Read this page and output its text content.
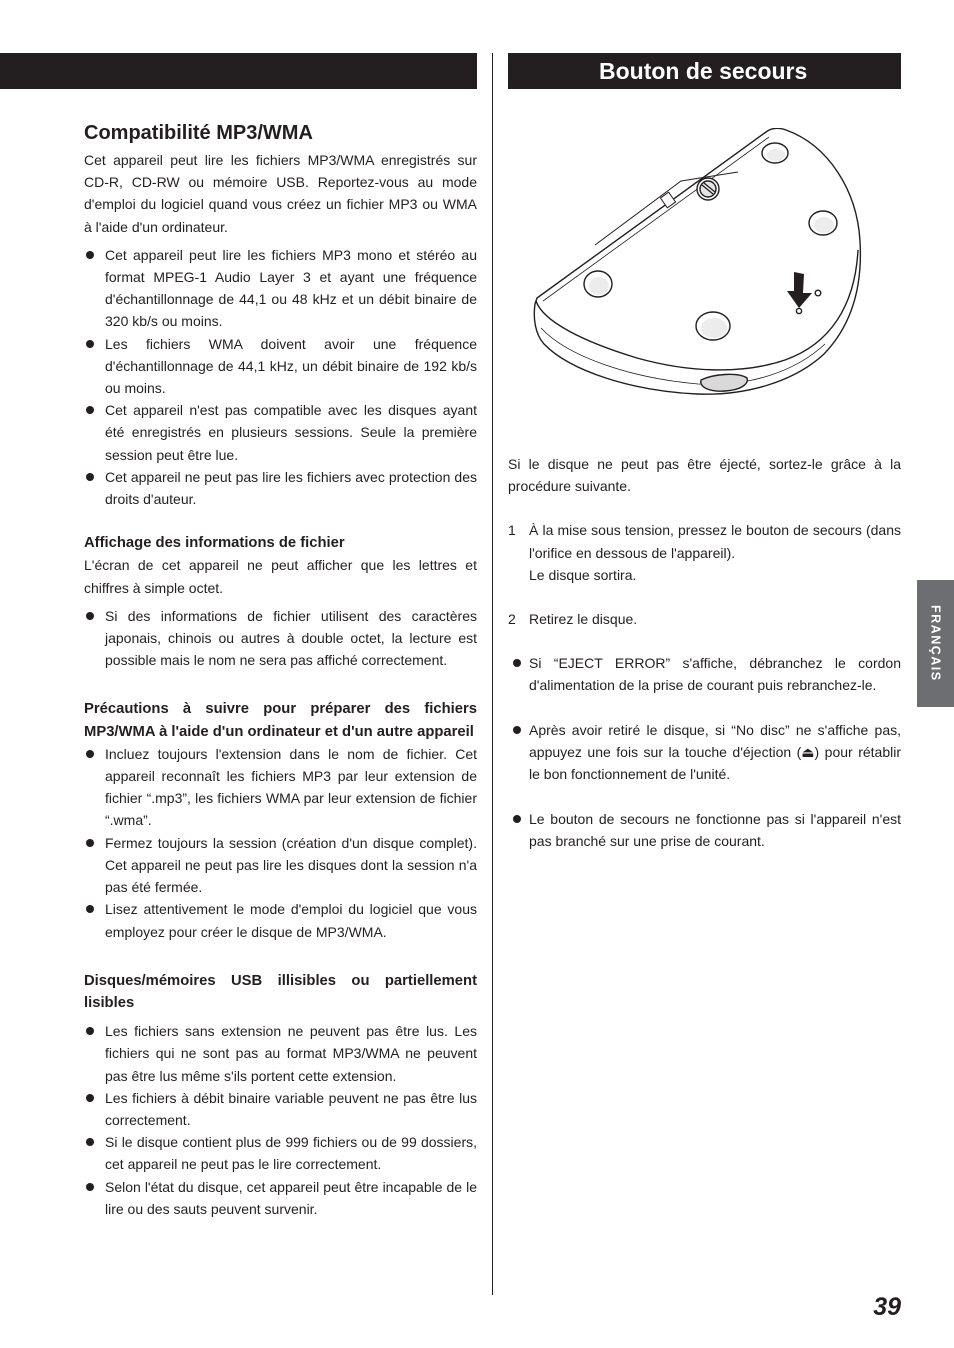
Bouton de secours
Compatibilité MP3/WMA

Cet appareil peut lire les fichiers MP3/WMA enregistrés sur CD-R, CD-RW ou mémoire USB. Reportez-vous au mode d'emploi du logiciel quand vous créez un fichier MP3 ou WMA à l'aide d'un ordinateur.

Cet appareil peut lire les fichiers MP3 mono et stéréo au format MPEG-1 Audio Layer 3 et ayant une fréquence d'échantillonnage de 44,1 ou 48 kHz et un débit binaire de 320 kb/s ou moins.
Les fichiers WMA doivent avoir une fréquence d'échantillonnage de 44,1 kHz, un débit binaire de 192 kb/s ou moins.
Cet appareil n'est pas compatible avec les disques ayant été enregistrés en plusieurs sessions. Seule la première session peut être lue.
Cet appareil ne peut pas lire les fichiers avec protection des droits d'auteur.

Affichage des informations de fichier

L'écran de cet appareil ne peut afficher que les lettres et chiffres à simple octet.

Si des informations de fichier utilisent des caractères japonais, chinois ou autres à double octet, la lecture est possible mais le nom ne sera pas affiché correctement.

Précautions à suivre pour préparer des fichiers MP3/WMA à l'aide d'un ordinateur et d'un autre appareil

Incluez toujours l'extension dans le nom de fichier. Cet appareil reconnaît les fichiers MP3 par leur extension de fichier “.mp3”, les fichiers WMA par leur extension de fichier “.wma”.
Fermez toujours la session (création d'un disque complet). Cet appareil ne peut pas lire les disques dont la session n'a pas été fermée.
Lisez attentivement le mode d'emploi du logiciel que vous employez pour créer le disque de MP3/WMA.

Disques/mémoires USB illisibles ou partiellement lisibles

Les fichiers sans extension ne peuvent pas être lus. Les fichiers qui ne sont pas au format MP3/WMA ne peuvent pas être lus même s'ils portent cette extension.
Les fichiers à débit binaire variable peuvent ne pas être lus correctement.
Si le disque contient plus de 999 fichiers ou de 99 dossiers, cet appareil ne peut pas le lire correctement.
Selon l'état du disque, cet appareil peut être incapable de le lire ou des sauts peuvent survenir.

Si le disque ne peut pas être éjecté, sortez-le grâce à la procédure suivante.

1 À la mise sous tension, pressez le bouton de secours (dans l'orifice en dessous de l'appareil).
Le disque sortira.
2 Retirez le disque.
Si “EJECT ERROR” s'affiche, débranchez le cordon d'alimentation de la prise de courant puis rebranchez-le.
Après avoir retiré le disque, si “No disc” ne s'affiche pas, appuyez une fois sur la touche d'éjection (⏏) pour rétablir le bon fonctionnement de l'unité.
Le bouton de secours ne fonctionne pas si l'appareil n'est pas branché sur une prise de courant.
FRANÇAIS
39
